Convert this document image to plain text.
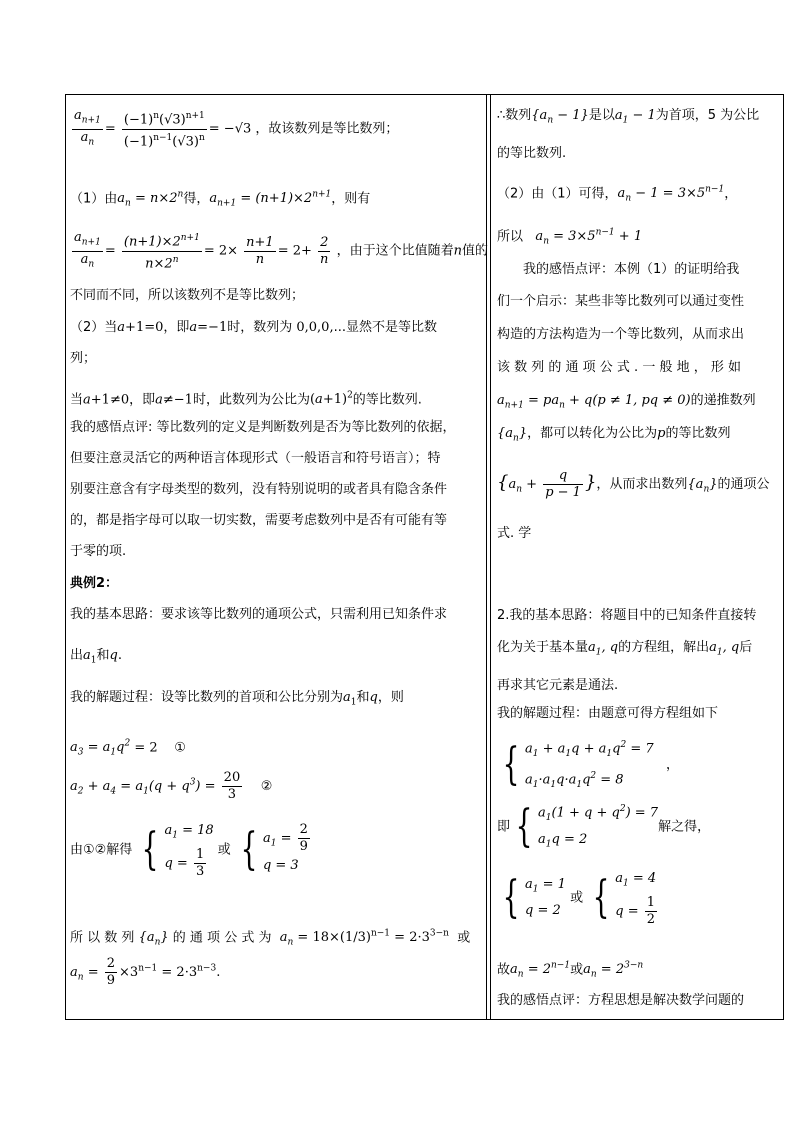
$\frac{a_{n+1}}{a_n} = \frac{(-1)^n(√3)^{n+1}}{(-1)^{n-1}(√3)^n} = -√3$ ，故该数列是等比数列；
（1）由$a_n = n\times 2^n$得，$a_{n+1} = (n+1)\times 2^{n+1}$，则有
$\frac{a_{n+1}}{a_n} = \frac{(n+1)\times 2^{n+1}}{n\times 2^n} = 2\times \frac{n+1}{n} = 2+ \frac{2}{n}$ ，由于这个比值随着n值的
不同而不同，所以该数列不是等比数列；
（2）当a+1=0，即a=−1时，数列为 0,0,0,...显然不是等比数
列；
当a+1≠0，即a≠−1时，此数列为公比为$(a+1)^2$的等比数列.
我的感悟点评: 等比数列的定义是判断数列是否为等比数列的依据，
但要注意灵活它的两种语言体现形式（一般语言和符号语言）；特
别要注意含有字母类型的数列，没有特别说明的或者具有隐含条件
的，都是指字母可以取一切实数，需要考虑数列中是否有可能有等
于零的项.
典例2：
我的基本思路：要求该等比数列的通项公式，只需利用已知条件求
出$a_1$和q.
我的解题过程：设等比数列的首项和公比分别为$a_1$和q，则
$a_3 = a_1q^2 = 2$ ①
$a_2 + a_4 = a_1(q + q^3) = \frac{20}{3}$ ②
由①②解得 { $a_1 = 18$
$q = \frac{1}{3}$ 或 { $a_1 = \frac{2}{9}$
q = 3
所 以 数 列 $\{a_n\}$ 的 通 项 公 式 为 $a_n = 18\times(1/3)^{n-1} = 2\cdot 3^{3-n}$ 或
$a_n = \frac{2}{9} \times 3^{n-1} = 2\cdot 3^{n-3}$.
∴数列$\{a_n - 1\}$是以$a_1 - 1$为首项，5 为公比
的等比数列.
（2）由（1）可得，$a_n - 1 = 3\times 5^{n-1}$，
所以 $a_n = 3\times 5^{n-1} + 1$
我的感悟点评：本例（1）的证明给我
们一个启示：某些非等比数列可以通过变性
构造的方法构造为一个等比数列，从而求出
该 数 列 的 通 项 公 式 . 一 般 地 ， 形 如
$a_{n+1} = pa_n + q(p \ne 1$, pq ≠ 0)的递推数列
$\{a_n\}$，都可以转化为公比为p的等比数列
{$a_n + \frac{q}{p - 1}$ }，从而求出数列$\{a_n\}$的通项公
式. 学
2.我的基本思路：将题目中的已知条件直接转
化为关于基本量$a_1$, q的方程组，解出$a_1$, q后
再求其它元素是通法.
我的解题过程：由题意可得方程组如下
{ $a_1 + a_1q + a_1q^2 = 7$
$a_1\cdot a_1q\cdot a_1q^2 = 8$
，
即 { $a_1(1 + q + q^2) = 7$
$a_1q = 2$
解之得，
{ $a_1 = 1$
q = 2
或 { $a_1 = 4$
$q = \frac{1}{2}$
故$a_n = 2^{n-1}$或$a_n = 2^{3-n}$
我的感悟点评：方程思想是解决数学问题的
